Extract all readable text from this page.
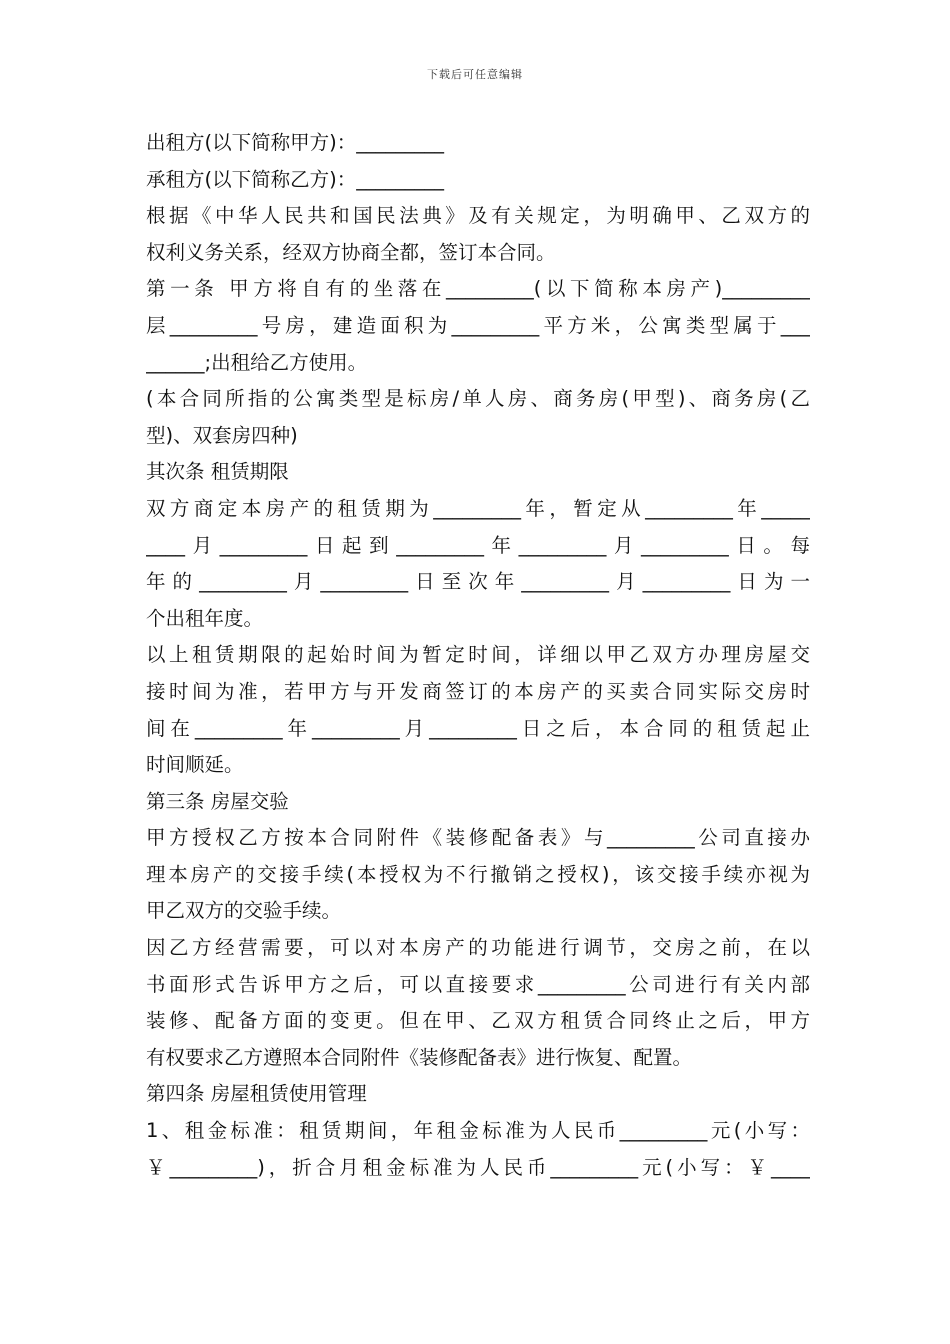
下载后可任意编辑
出租方(以下简称甲方)：_________
承租方(以下简称乙方)：_________
根据《中华人民共和国民法典》及有关规定，为明确甲、乙双方的
权利义务关系，经双方协商全都，签订本合同。
第一条 甲方将自有的坐落在_________(以下简称本房产)_________
层_________号房，建造面积为_________平方米，公寓类型属于___
______;出租给乙方使用。
(本合同所指的公寓类型是标房/单人房、商务房(甲型)、商务房(乙
型)、双套房四种)
其次条 租赁期限
双方商定本房产的租赁期为_________年，暂定从_________年_____
____月_________日起到_________年_________月_________日。每
年的_________月_________日至次年_________月_________日为一
个出租年度。
以上租赁期限的起始时间为暂定时间，详细以甲乙双方办理房屋交
接时间为准，若甲方与开发商签订的本房产的买卖合同实际交房时
间在_________年_________月_________日之后，本合同的租赁起止
时间顺延。
第三条 房屋交验
甲方授权乙方按本合同附件《装修配备表》与_________公司直接办
理本房产的交接手续(本授权为不行撤销之授权)，该交接手续亦视为
甲乙双方的交验手续。
因乙方经营需要，可以对本房产的功能进行调节，交房之前，在以
书面形式告诉甲方之后，可以直接要求_________公司进行有关内部
装修、配备方面的变更。但在甲、乙双方租赁合同终止之后，甲方
有权要求乙方遵照本合同附件《装修配备表》进行恢复、配置。
第四条 房屋租赁使用管理
1、租金标准：租赁期间，年租金标准为人民币_________元(小写：
￥_________)，折合月租金标准为人民币_________元(小写：￥____
